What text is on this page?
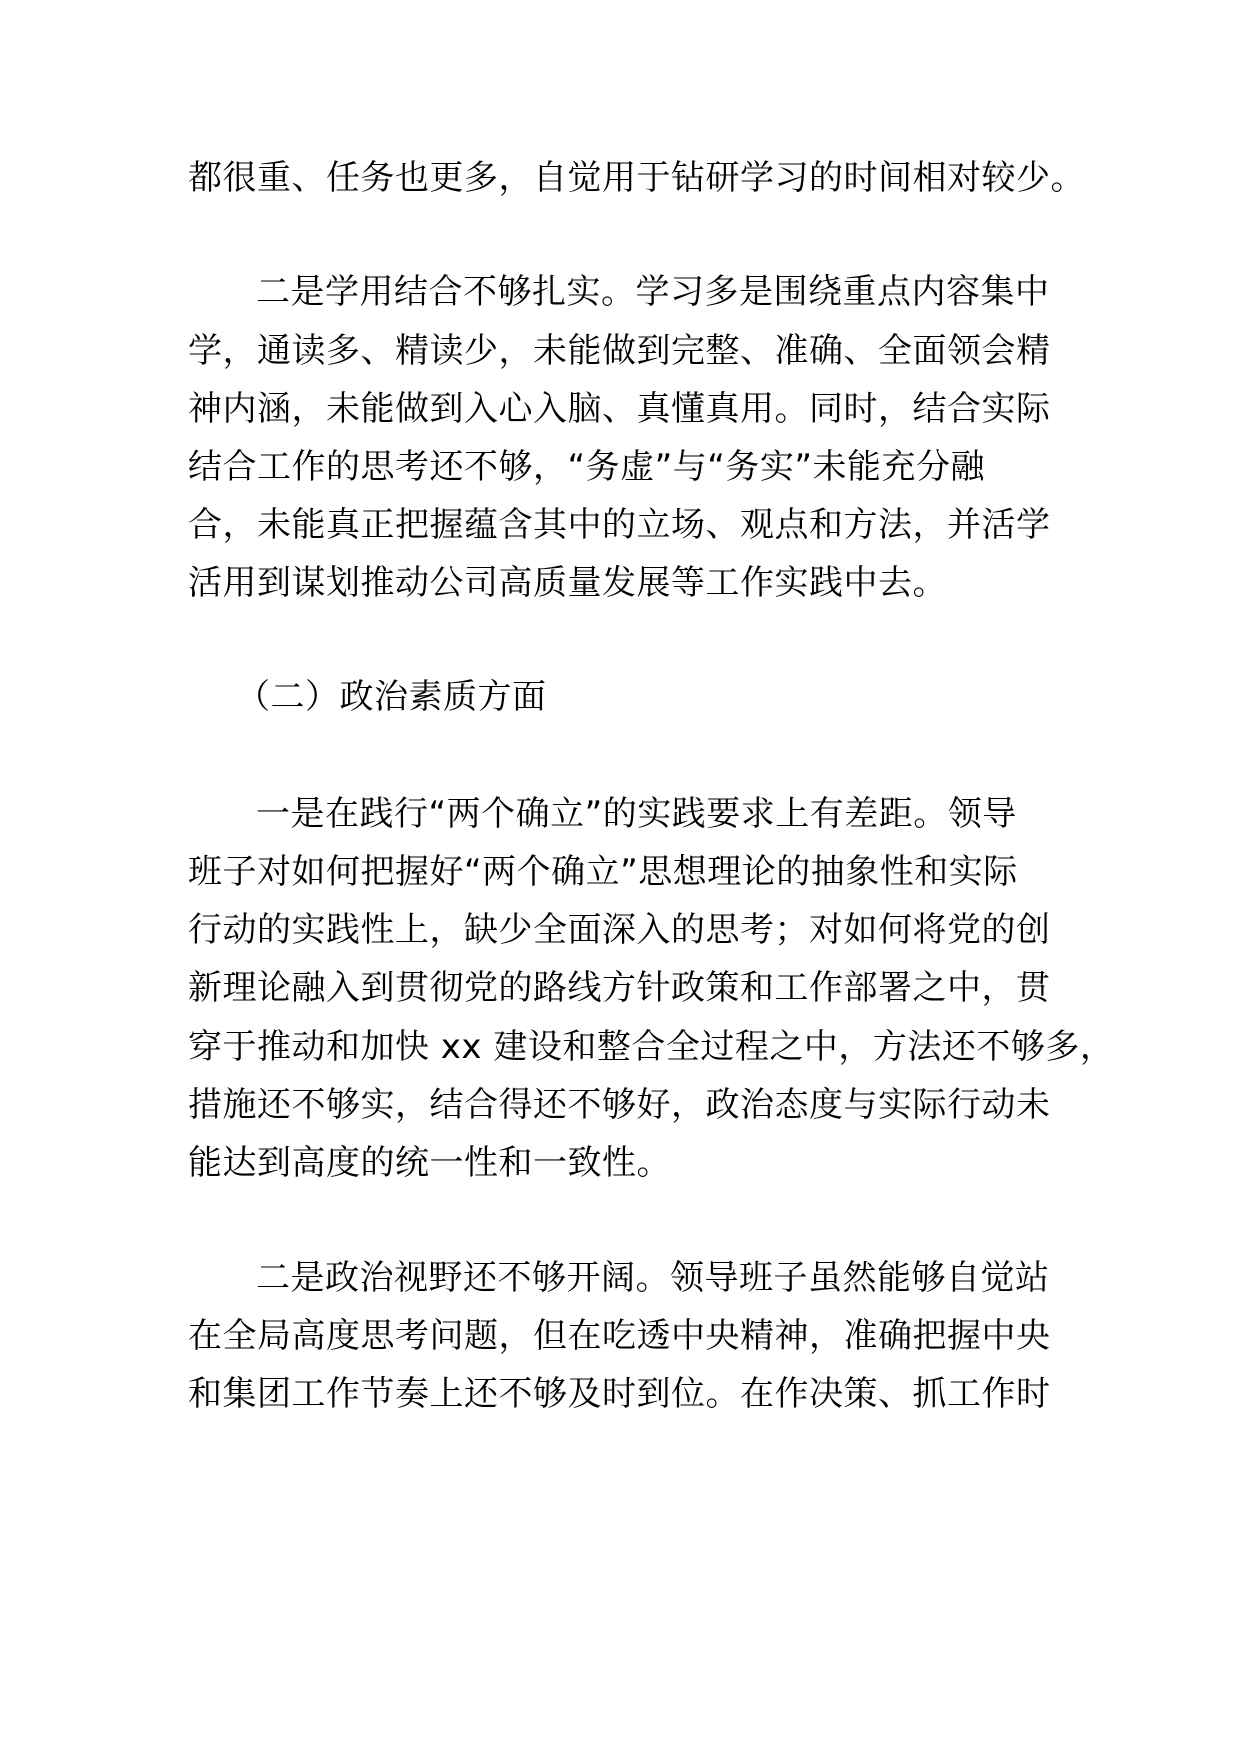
都很重、任务也更多，自觉用于钻研学习的时间相对较少。
二是学用结合不够扎实。学习多是围绕重点内容集中
学，通读多、精读少，未能做到完整、准确、全面领会精
神内涵，未能做到入心入脑、真懂真用。同时，结合实际
结合工作的思考还不够，“务虚”与“务实”未能充分融
合，未能真正把握蕴含其中的立场、观点和方法，并活学
活用到谋划推动公司高质量发展等工作实践中去。
（二）政治素质方面
一是在践行“两个确立”的实践要求上有差距。领导
班子对如何把握好“两个确立”思想理论的抽象性和实际
行动的实践性上，缺少全面深入的思考；对如何将党的创
新理论融入到贯彻党的路线方针政策和工作部署之中，贯
穿于推动和加快 xx 建设和整合全过程之中，方法还不够多，
措施还不够实，结合得还不够好，政治态度与实际行动未
能达到高度的统一性和一致性。
二是政治视野还不够开阔。领导班子虽然能够自觉站
在全局高度思考问题，但在吃透中央精神，准确把握中央
和集团工作节奏上还不够及时到位。在作决策、抓工作时
